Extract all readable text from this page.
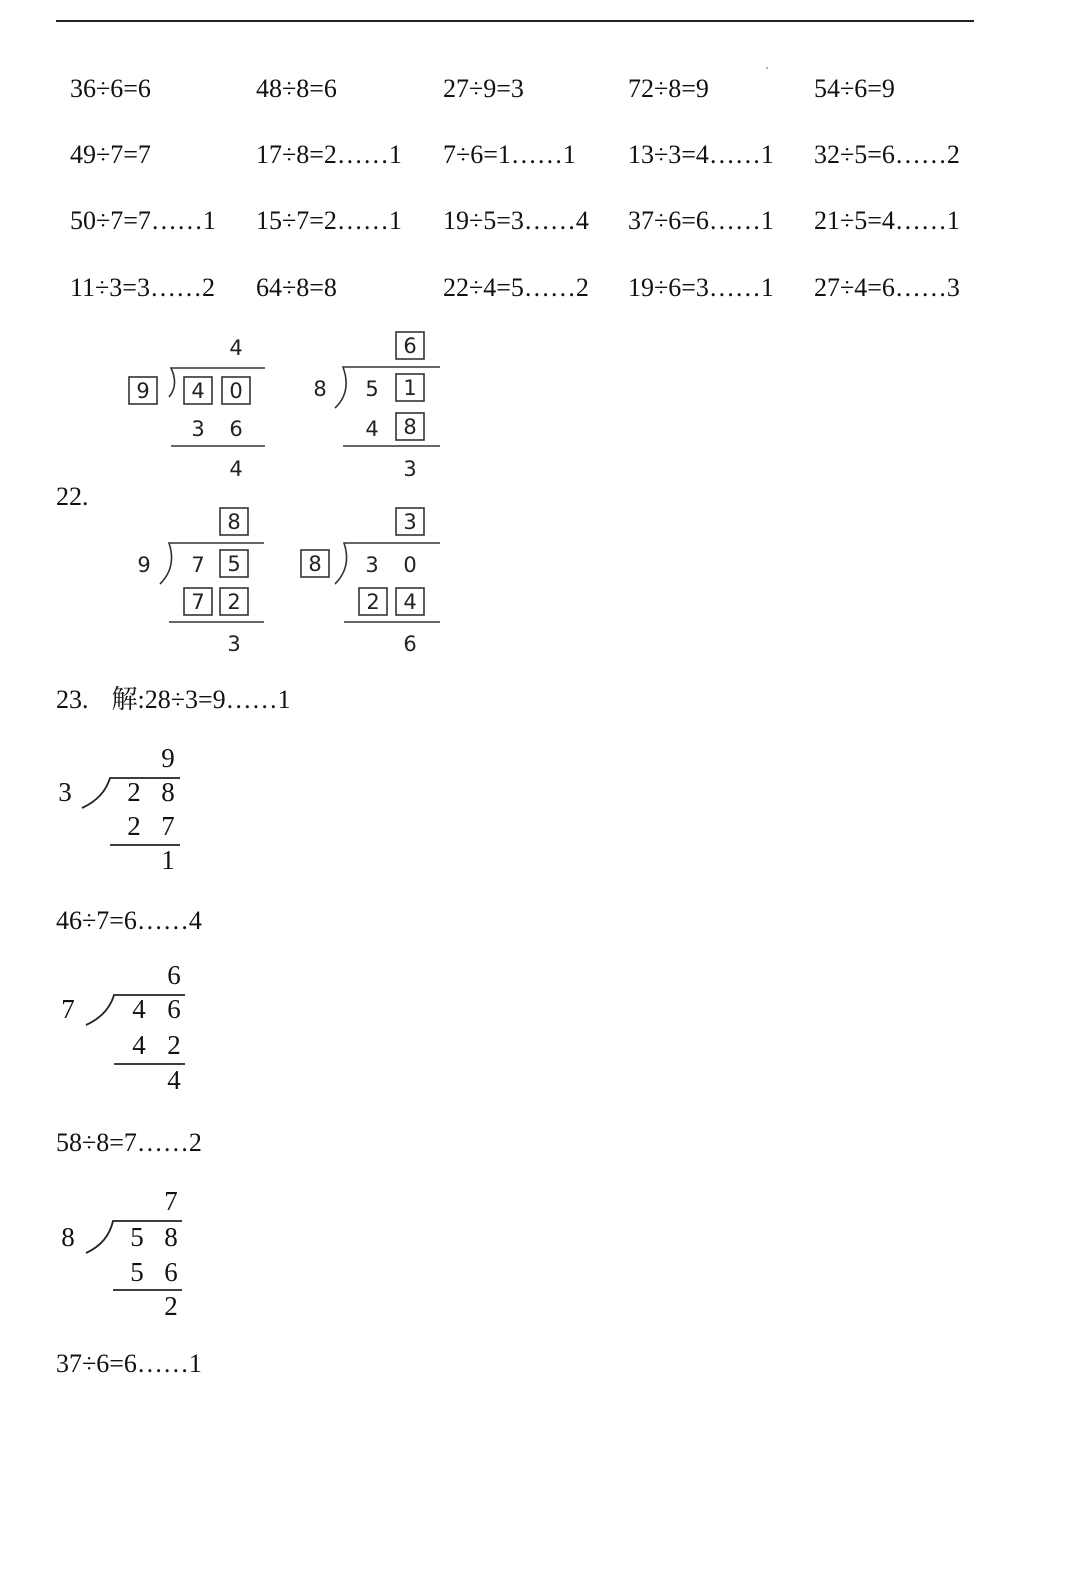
36÷6=6	48÷8=6	27÷9=3	72÷8=9	54÷6=9
49÷7=7	17÷8=2……1 7÷6=1……1 13÷3=4……1 32÷5=6……2
50÷7=7……1 15÷7=2……1 19÷5=3……4 37÷6=6……1 21÷5=4……1
11÷3=3……2 64÷8=8	22÷4=5……2 19÷6=3……1 27÷4=6……3
22.
23. 解:28÷3=9……1
46÷7=6……4
58÷8=7……2
37÷6=6……1
4
9 4 0
3 6
4
6
8 5 1
4 8
3
8
9 7 5
7 2
3
3
8 3 0
2 4
6
9
3 2 8
2 7
1
6
7 4 6
4 2
4
7
8 5 8
5 6
2
